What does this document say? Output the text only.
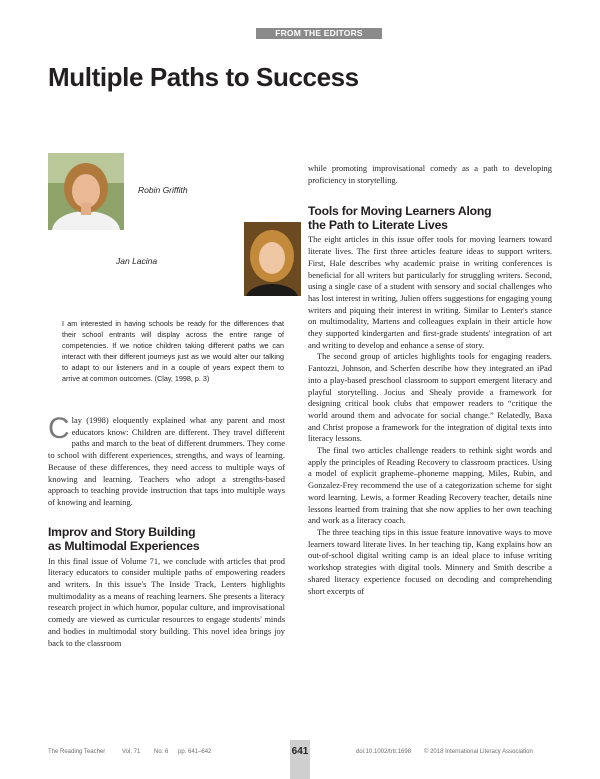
FROM THE EDITORS
Multiple Paths to Success
Robin Griffith
Jan Lacina

I am interested in having schools be ready for the differences that their school entrants will display across the entire range of competencies. If we notice children taking different paths we can interact with their different journeys just as we would alter our talking to adapt to our listeners and in a couple of years expect them to arrive at common outcomes. (Clay, 1998, p. 3)

Clay (1998) eloquently explained what any parent and most educators know: Children are different. They travel different paths and march to the beat of different drummers. They come to school with different experiences, strengths, and ways of learning. Because of these differences, they need access to multiple ways of knowing and learning. Teachers who adopt a strengths-based approach to teaching provide instruction that taps into multiple ways of knowing and learning.

Improv and Story Building
as Multimodal Experiences

In this final issue of Volume 71, we conclude with articles that prod literacy educators to consider multiple paths of empowering readers and writers. In this issue's The Inside Track, Lenters highlights multimodality as a means of reaching learners. She presents a literacy research project in which humor, popular culture, and improvisational comedy are viewed as curricular resources to engage students' minds and bodies in multimodal story building. This novel idea brings joy back to the classroom

while promoting improvisational comedy as a path to developing proficiency in storytelling.

Tools for Moving Learners Along
the Path to Literate Lives

The eight articles in this issue offer tools for moving learners toward literate lives. The first three articles feature ideas to support writers. First, Hale describes why academic praise in writing conferences is beneficial for all writers but particularly for struggling writers. Second, using a single case of a student with sensory and social challenges who has lost interest in writing, Julien offers suggestions for engaging young writers and piquing their interest in writing. Similar to Lenter's stance on multimodality, Martens and colleagues explain in their article how they supported kindergarten and first-grade students' integration of art and writing to develop and enhance a sense of story.

The second group of articles highlights tools for engaging readers. Fantozzi, Johnson, and Scherfen describe how they integrated an iPad into a play-based preschool classroom to support emergent literacy and playful storytelling. Jocius and Shealy provide a framework for designing critical book clubs that empower readers to “critique the world around them and advocate for social change.” Relatedly, Baxa and Christ propose a framework for the integration of digital texts into literacy lessons.

The final two articles challenge readers to rethink sight words and apply the principles of Reading Recovery to classroom practices. Using a model of explicit grapheme–phoneme mapping, Miles, Rubin, and Gonzalez-Frey recommend the use of a categorization scheme for sight word learning. Lewis, a former Reading Recovery teacher, details nine lessons learned from training that she now applies to her own teaching and work as a literacy coach.

The three teaching tips in this issue feature innovative ways to move learners toward literate lives. In her teaching tip, Kang explains how an out-of-school digital writing camp is an ideal place to infuse writing workshop strategies with digital tools. Minnery and Smith describe a shared literacy experience focused on decoding and comprehending short excerpts of

The Reading Teacher	Vol. 71 No. 6 pp. 641–642	641	doi:10.1002/trtr.1698 © 2018 International Literacy Association
